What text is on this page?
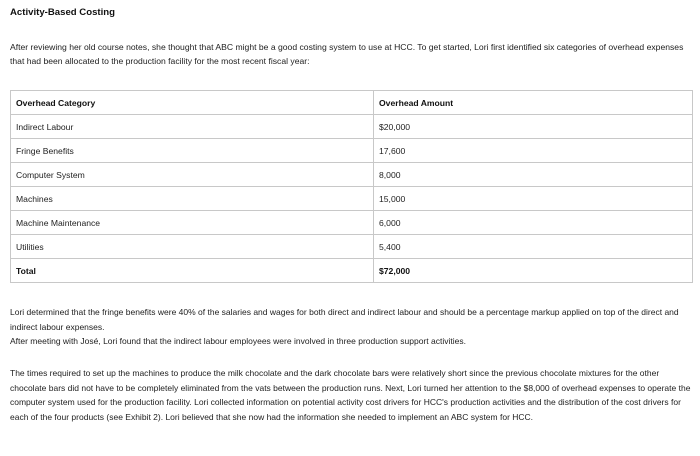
Activity-Based Costing
After reviewing her old course notes, she thought that ABC might be a good costing system to use at HCC. To get started, Lori first identified six categories of overhead expenses that had been allocated to the production facility for the most recent fiscal year:
Overhead Category	Overhead Amount
Indirect Labour	$20,000
Fringe Benefits	17,600
Computer System	8,000
Machines	15,000
Machine Maintenance	6,000
Utilities	5,400
Total	$72,000

Lori determined that the fringe benefits were 40% of the salaries and wages for both direct and indirect labour and should be a percentage markup applied on top of the direct and indirect labour expenses.
After meeting with José, Lori found that the indirect labour employees were involved in three production support activities.

The times required to set up the machines to produce the milk chocolate and the dark chocolate bars were relatively short since the previous chocolate mixtures for the other chocolate bars did not have to be completely eliminated from the vats between the production runs. Next, Lori turned her attention to the $8,000 of overhead expenses to operate the computer system used for the production facility. Lori collected information on potential activity cost drivers for HCC's production activities and the distribution of the cost drivers for each of the four products (see Exhibit 2). Lori believed that she now had the information she needed to implement an ABC system for HCC.
